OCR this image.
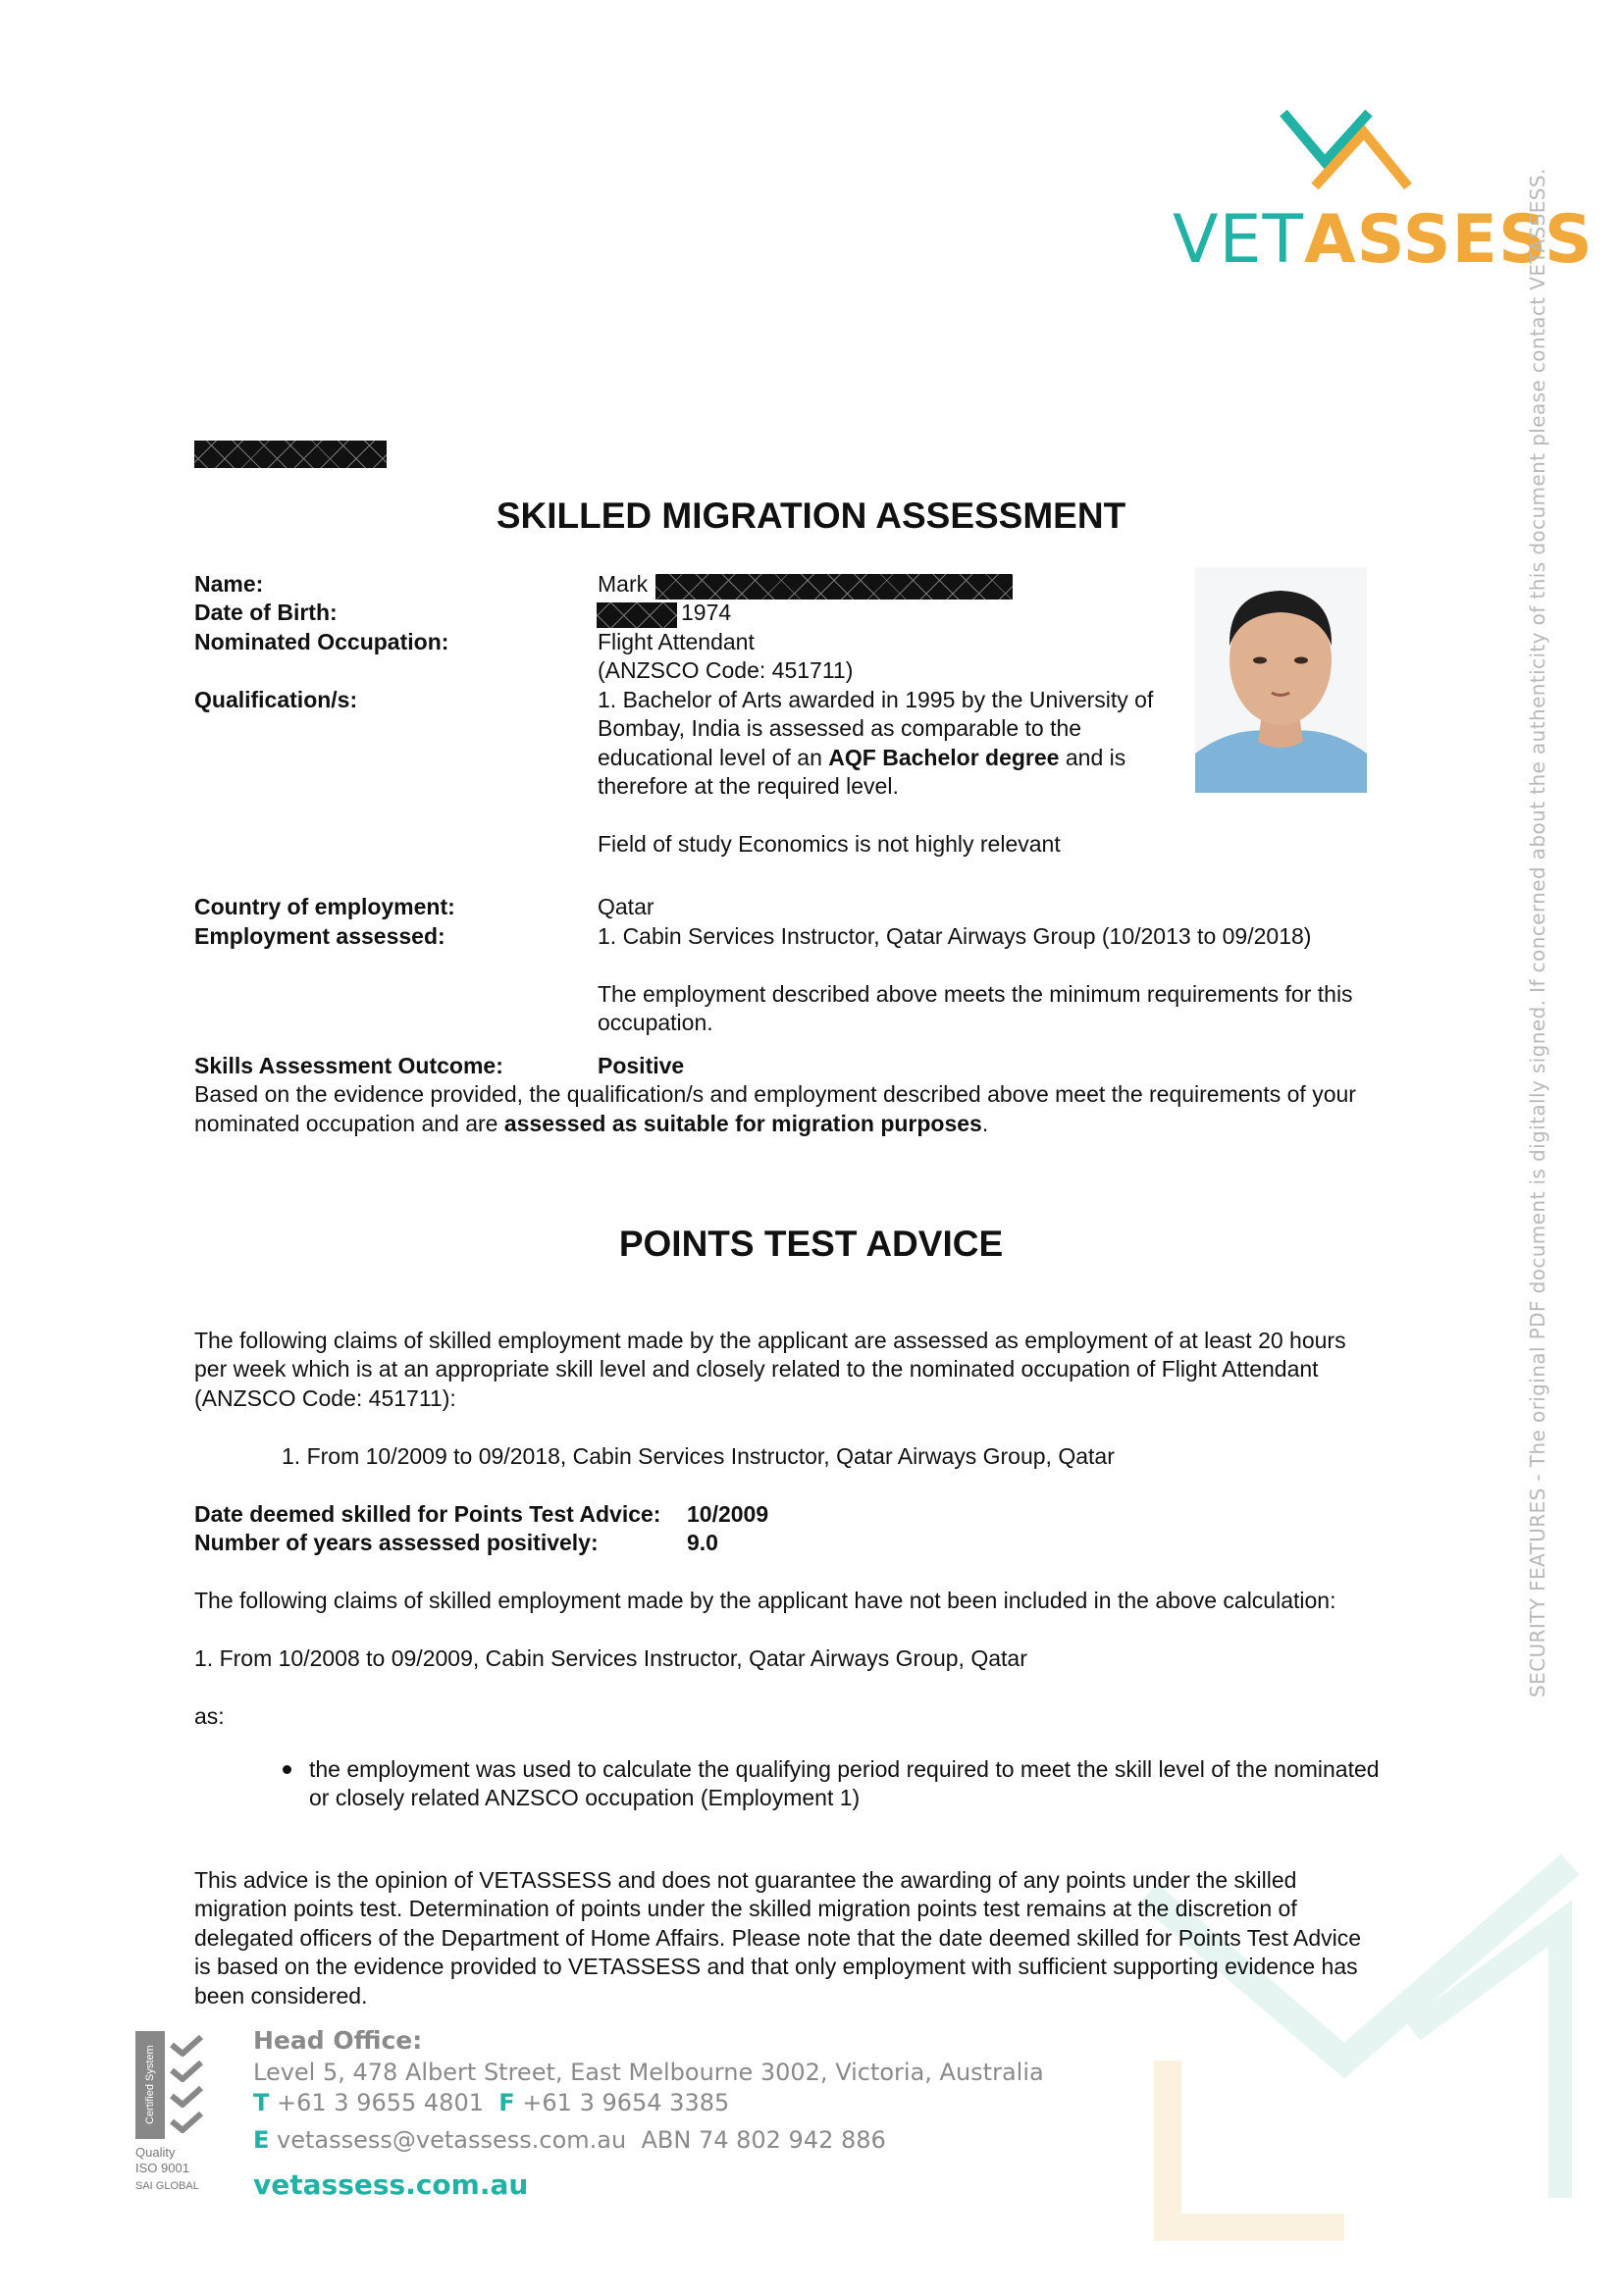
VETASSESS
SECURITY FEATURES - The original PDF document is digitally signed. If concerned about the authenticity of this document please contact VETASSESS.
SKILLED MIGRATION ASSESSMENT
Name:	Mark
Date of Birth:	1974
Nominated Occupation:	Flight Attendant
(ANZSCO Code: 451711)
Qualification/s:	1. Bachelor of Arts awarded in 1995 by the University of
Bombay, India is assessed as comparable to the
educational level of an AQF Bachelor degree and is
therefore at the required level.
Field of study Economics is not highly relevant
Country of employment:	Qatar
Employment assessed:	1. Cabin Services Instructor, Qatar Airways Group (10/2013 to 09/2018)
The employment described above meets the minimum requirements for this
occupation.
Skills Assessment Outcome:	Positive
Based on the evidence provided, the qualification/s and employment described above meet the requirements of your
nominated occupation and are assessed as suitable for migration purposes.
POINTS TEST ADVICE
The following claims of skilled employment made by the applicant are assessed as employment of at least 20 hours
per week which is at an appropriate skill level and closely related to the nominated occupation of Flight Attendant
(ANZSCO Code: 451711):
1. From 10/2009 to 09/2018, Cabin Services Instructor, Qatar Airways Group, Qatar
Date deemed skilled for Points Test Advice: 10/2009
Number of years assessed positively:	9.0
The following claims of skilled employment made by the applicant have not been included in the above calculation:
1. From 10/2008 to 09/2009, Cabin Services Instructor, Qatar Airways Group, Qatar
as:
the employment was used to calculate the qualifying period required to meet the skill level of the nominated
or closely related ANZSCO occupation (Employment 1)
This advice is the opinion of VETASSESS and does not guarantee the awarding of any points under the skilled
migration points test. Determination of points under the skilled migration points test remains at the discretion of
delegated officers of the Department of Home Affairs. Please note that the date deemed skilled for Points Test Advice
is based on the evidence provided to VETASSESS and that only employment with sufficient supporting evidence has
been considered.
Certified System
Quality
ISO 9001
SAI GLOBAL
Head Office:
Level 5, 478 Albert Street, East Melbourne 3002, Victoria, Australia
T +61 3 9655 4801 F +61 3 9654 3385
E vetassess@vetassess.com.au ABN 74 802 942 886
vetassess.com.au
